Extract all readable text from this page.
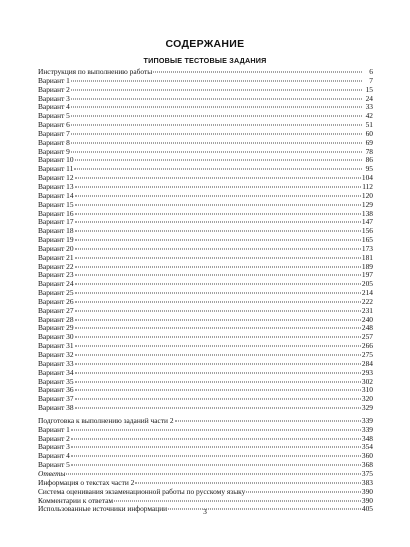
СОДЕРЖАНИЕ
ТИПОВЫЕ ТЕСТОВЫЕ ЗАДАНИЯ
Инструкция по выполнению работы	6
Вариант 1	7
Вариант 2	15
Вариант 3	24
Вариант 4	33
Вариант 5	42
Вариант 6	51
Вариант 7	60
Вариант 8	69
Вариант 9	78
Вариант 10	86
Вариант 11	95
Вариант 12	104
Вариант 13	112
Вариант 14	120
Вариант 15	129
Вариант 16	138
Вариант 17	147
Вариант 18	156
Вариант 19	165
Вариант 20	173
Вариант 21	181
Вариант 22	189
Вариант 23	197
Вариант 24	205
Вариант 25	214
Вариант 26	222
Вариант 27	231
Вариант 28	240
Вариант 29	248
Вариант 30	257
Вариант 31	266
Вариант 32	275
Вариант 33	284
Вариант 34	293
Вариант 35	302
Вариант 36	310
Вариант 37	320
Вариант 38	329
Подготовка к выполнению заданий части 2	339
Вариант 1	339
Вариант 2	348
Вариант 3	354
Вариант 4	360
Вариант 5	368
Ответы	375
Информация о текстах части 2	383
Система оценивания экзаменационной работы по русскому языку	390
Комментарии к ответам	390
Использованные источники информации	405
3
